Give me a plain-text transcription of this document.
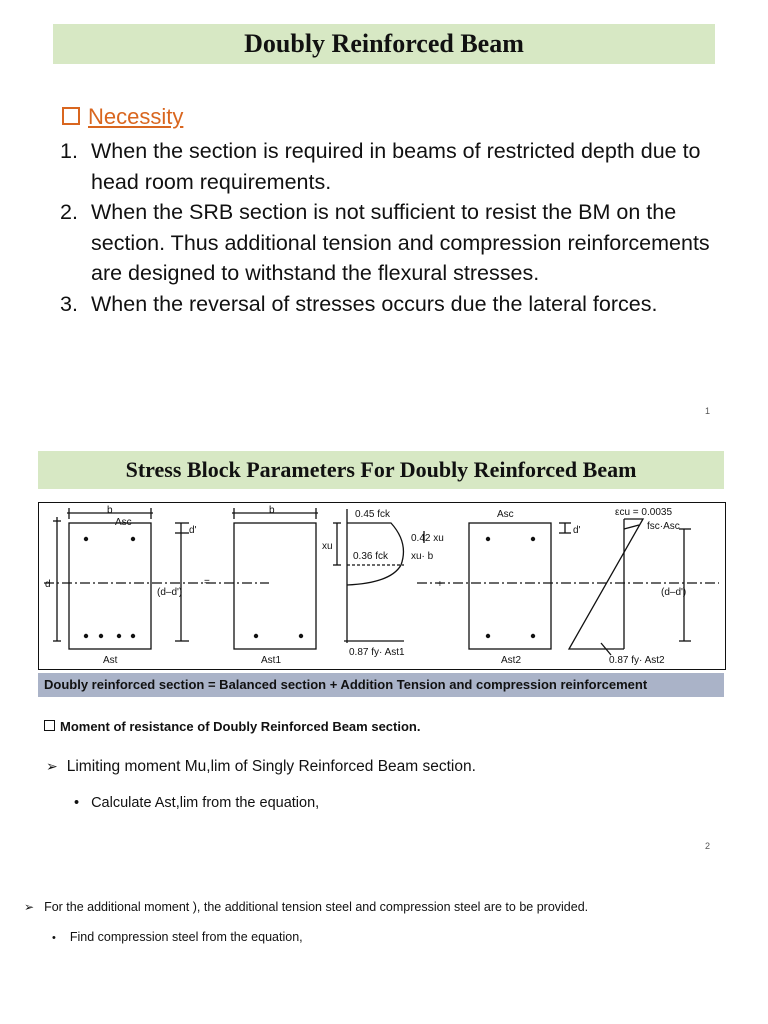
Doubly Reinforced Beam
Necessity
1. When the section is required in beams of restricted depth due to head room requirements.
2. When the SRB section is not sufficient to resist the BM on the section. Thus additional tension and compression reinforcements are designed to withstand the flexural stresses.
3. When the reversal of stresses occurs due the lateral forces.
1
Stress Block Parameters For Doubly Reinforced Beam
b
Asc
d'
d
(d–d')
=
Ast
b	0.45 fck
0.42 xu
xu
0.36 fck xu· b
0.87 fy· Ast1
Ast1
+
Asc
d'
Ast2
εcu = 0.0035
fsc·Asc
(d–d')
0.87 fy· Ast2
Doubly reinforced section = Balanced section + Addition Tension and compression reinforcement
Moment of resistance of Doubly Reinforced Beam section.
➢ Limiting moment Mu,lim of Singly Reinforced Beam section.
• Calculate Ast,lim from the equation,
2
➢ For the additional moment ), the additional tension steel and compression steel are to be provided.
• Find compression steel from the equation,
